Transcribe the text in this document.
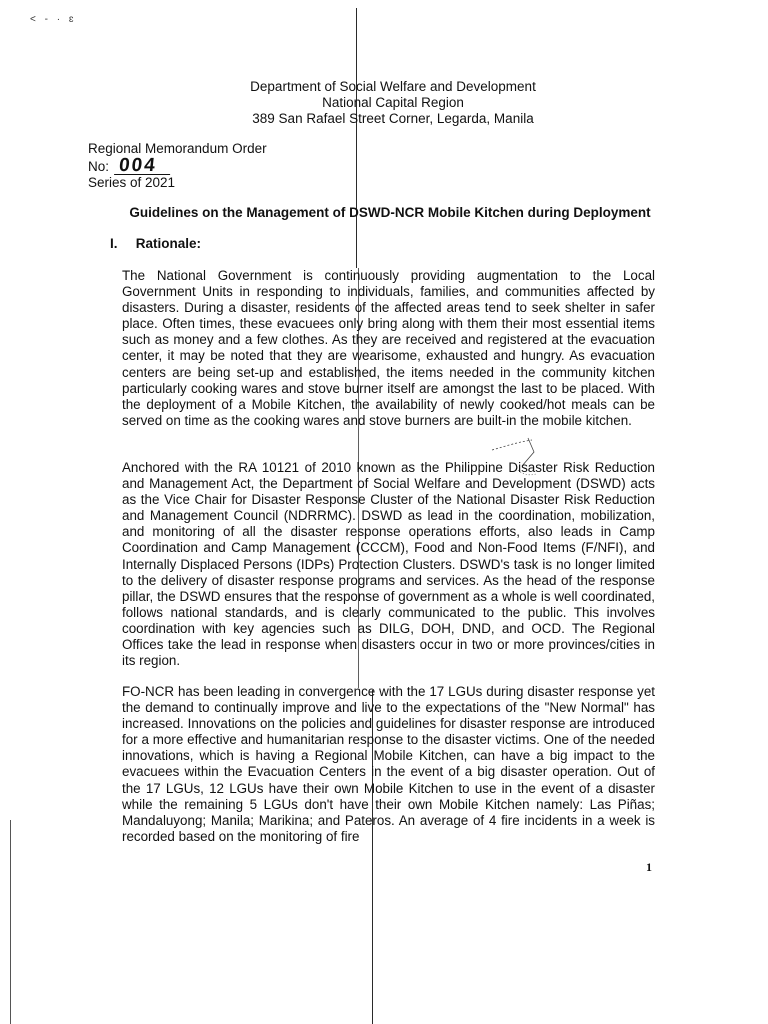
< - · ɛ
Department of Social Welfare and Development
National Capital Region
389 San Rafael Street Corner, Legarda, Manila
Regional Memorandum Order
No: 004
Series of 2021
Guidelines on the Management of DSWD-NCR Mobile Kitchen during Deployment
I. Rationale:
The National Government is continuously providing augmentation to the Local Government Units in responding to individuals, families, and communities affected by disasters. During a disaster, residents of the affected areas tend to seek shelter in safer place. Often times, these evacuees only bring along with them their most essential items such as money and a few clothes. As they are received and registered at the evacuation center, it may be noted that they are wearisome, exhausted and hungry. As evacuation centers are being set-up and established, the items needed in the community kitchen particularly cooking wares and stove burner itself are amongst the last to be placed. With the deployment of a Mobile Kitchen, the availability of newly cooked/hot meals can be served on time as the cooking wares and stove burners are built-in the mobile kitchen.
Anchored with the RA 10121 of 2010 known as the Philippine Disaster Risk Reduction and Management Act, the Department of Social Welfare and Development (DSWD) acts as the Vice Chair for Disaster Response Cluster of the National Disaster Risk Reduction and Management Council (NDRRMC). DSWD as lead in the coordination, mobilization, and monitoring of all the disaster response operations efforts, also leads in Camp Coordination and Camp Management (CCCM), Food and Non-Food Items (F/NFI), and Internally Displaced Persons (IDPs) Protection Clusters. DSWD's task is no longer limited to the delivery of disaster response programs and services. As the head of the response pillar, the DSWD ensures that the response of government as a whole is well coordinated, follows national standards, and is clearly communicated to the public. This involves coordination with key agencies such as DILG, DOH, DND, and OCD. The Regional Offices take the lead in response when disasters occur in two or more provinces/cities in its region.
FO-NCR has been leading in convergence with the 17 LGUs during disaster response yet the demand to continually improve and live to the expectations of the "New Normal" has increased. Innovations on the policies and guidelines for disaster response are introduced for a more effective and humanitarian response to the disaster victims. One of the needed innovations, which is having a Regional Mobile Kitchen, can have a big impact to the evacuees within the Evacuation Centers in the event of a big disaster operation. Out of the 17 LGUs, 12 LGUs have their own Mobile Kitchen to use in the event of a disaster while the remaining 5 LGUs don't have their own Mobile Kitchen namely: Las Piñas; Mandaluyong; Manila; Marikina; and Pateros. An average of 4 fire incidents in a week is recorded based on the monitoring of fire
1
